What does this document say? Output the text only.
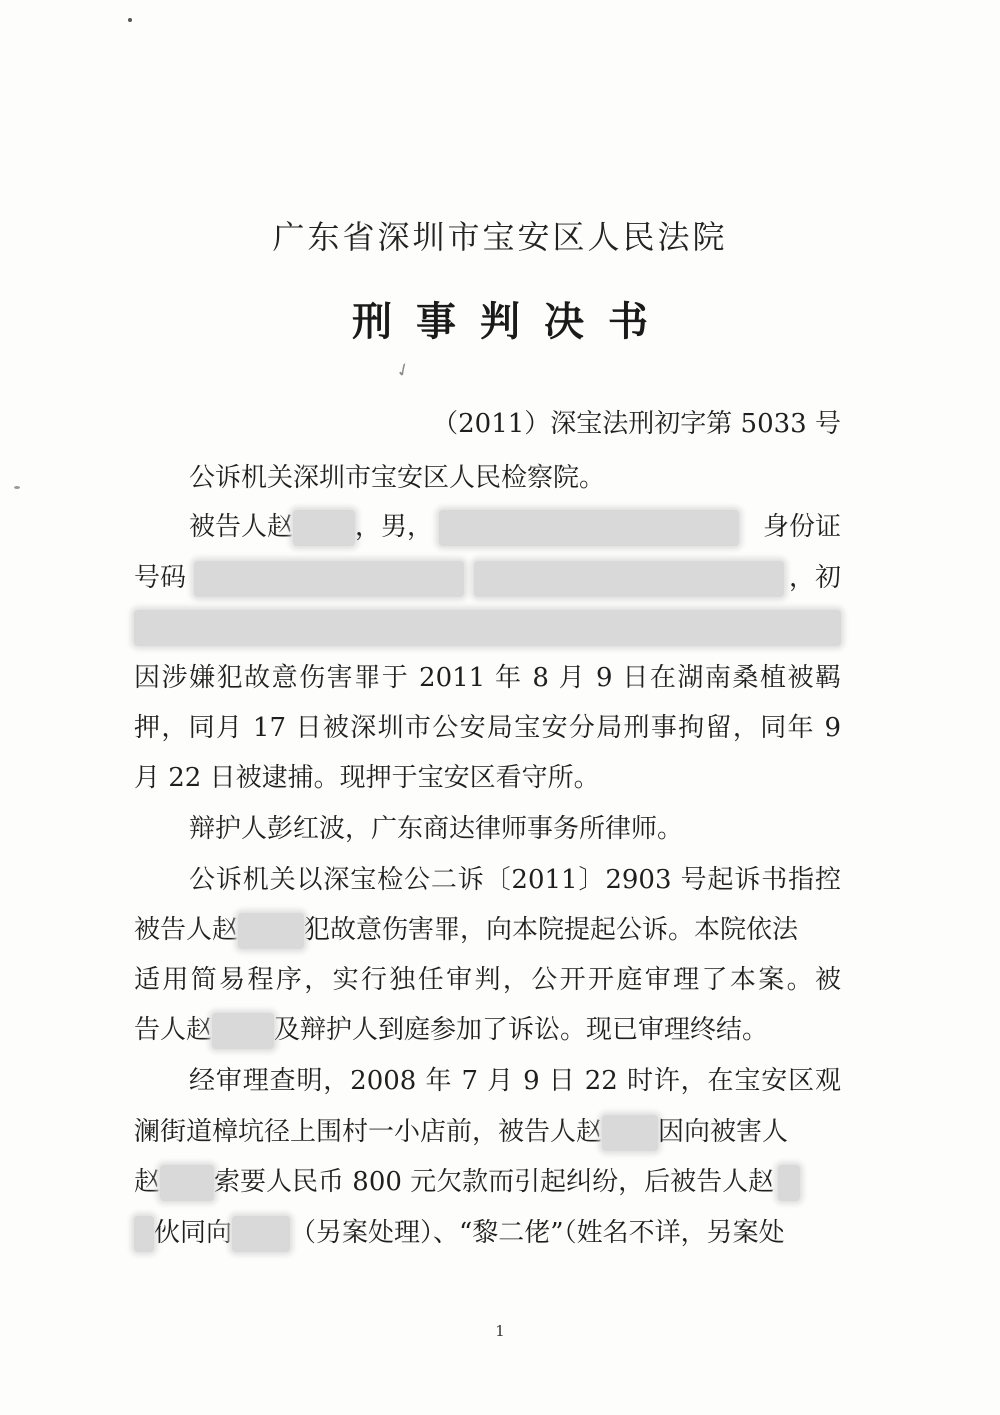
✓
广东省深圳市宝安区人民法院
刑事判决书
（2011）深宝法刑初字第 5033 号
公诉机关深圳市宝安区人民检察院。
被告人赵 ，男，	身份证
号码	，初
因涉嫌犯故意伤害罪于 2011 年 8 月 9 日在湖南桑植被羁
押，同月 17 日被深圳市公安局宝安分局刑事拘留，同年 9
月 22 日被逮捕。现押于宝安区看守所。
辩护人彭红波，广东商达律师事务所律师。
公诉机关以深宝检公二诉〔2011〕2903 号起诉书指控
被告人赵	犯故意伤害罪，向本院提起公诉。本院依法
适用简易程序，实行独任审判，公开开庭审理了本案。被
告人赵 及辩护人到庭参加了诉讼。现已审理终结。
经审理查明，2008 年 7 月 9 日 22 时许，在宝安区观
澜街道樟坑径上围村一小店前，被告人赵 因向被害人
赵 索要人民币 800 元欠款而引起纠纷，后被告人赵
伙同向 （另案处理）、“黎二佬”（姓名不详，另案处
1
